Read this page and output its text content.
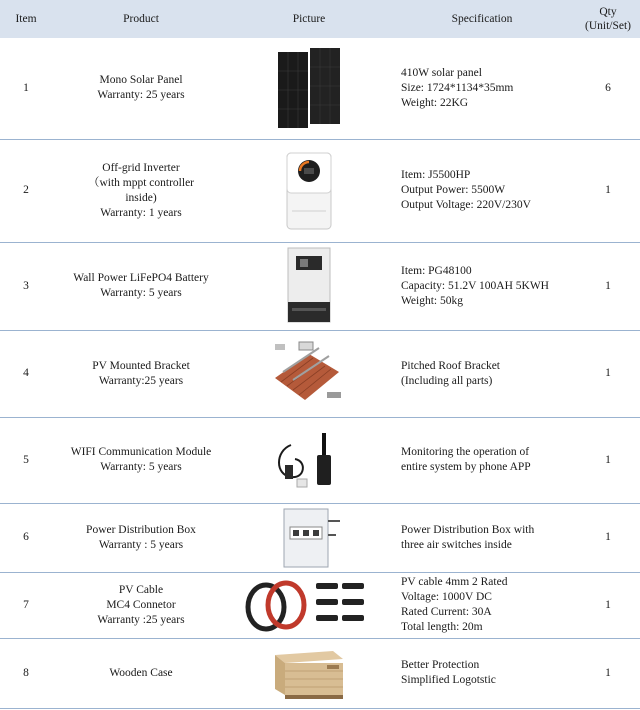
Item	Product	Picture	Specification	Qty
(Unit/Set)

1	Mono Solar Panel
Warranty: 25 years		410W solar panel
Size: 1724*1134*35mm
Weight: 22KG	6
2	Off-grid Inverter
（with mppt controller
inside)
Warranty: 1 years		Item: J5500HP
Output Power: 5500W
Output Voltage: 220V/230V	1
3	Wall Power LiFePO4 Battery
Warranty: 5 years		Item: PG48100
Capacity: 51.2V 100AH 5KWH
Weight: 50kg	1
4	PV Mounted Bracket
Warranty:25 years		Pitched Roof Bracket
(Including all parts)	1
5	WIFI Communication Module
Warranty: 5 years		Monitoring the operation of
entire system by phone APP	1
6	Power Distribution Box
Warranty : 5 years		Power Distribution Box with
three air switches inside	1
7	PV Cable
MC4 Connetor
Warranty :25 years		PV cable 4mm 2 Rated
Voltage: 1000V DC
Rated Current: 30A
Total length: 20m	1
8	Wooden Case		Better Protection
Simplified Logotstic	1
